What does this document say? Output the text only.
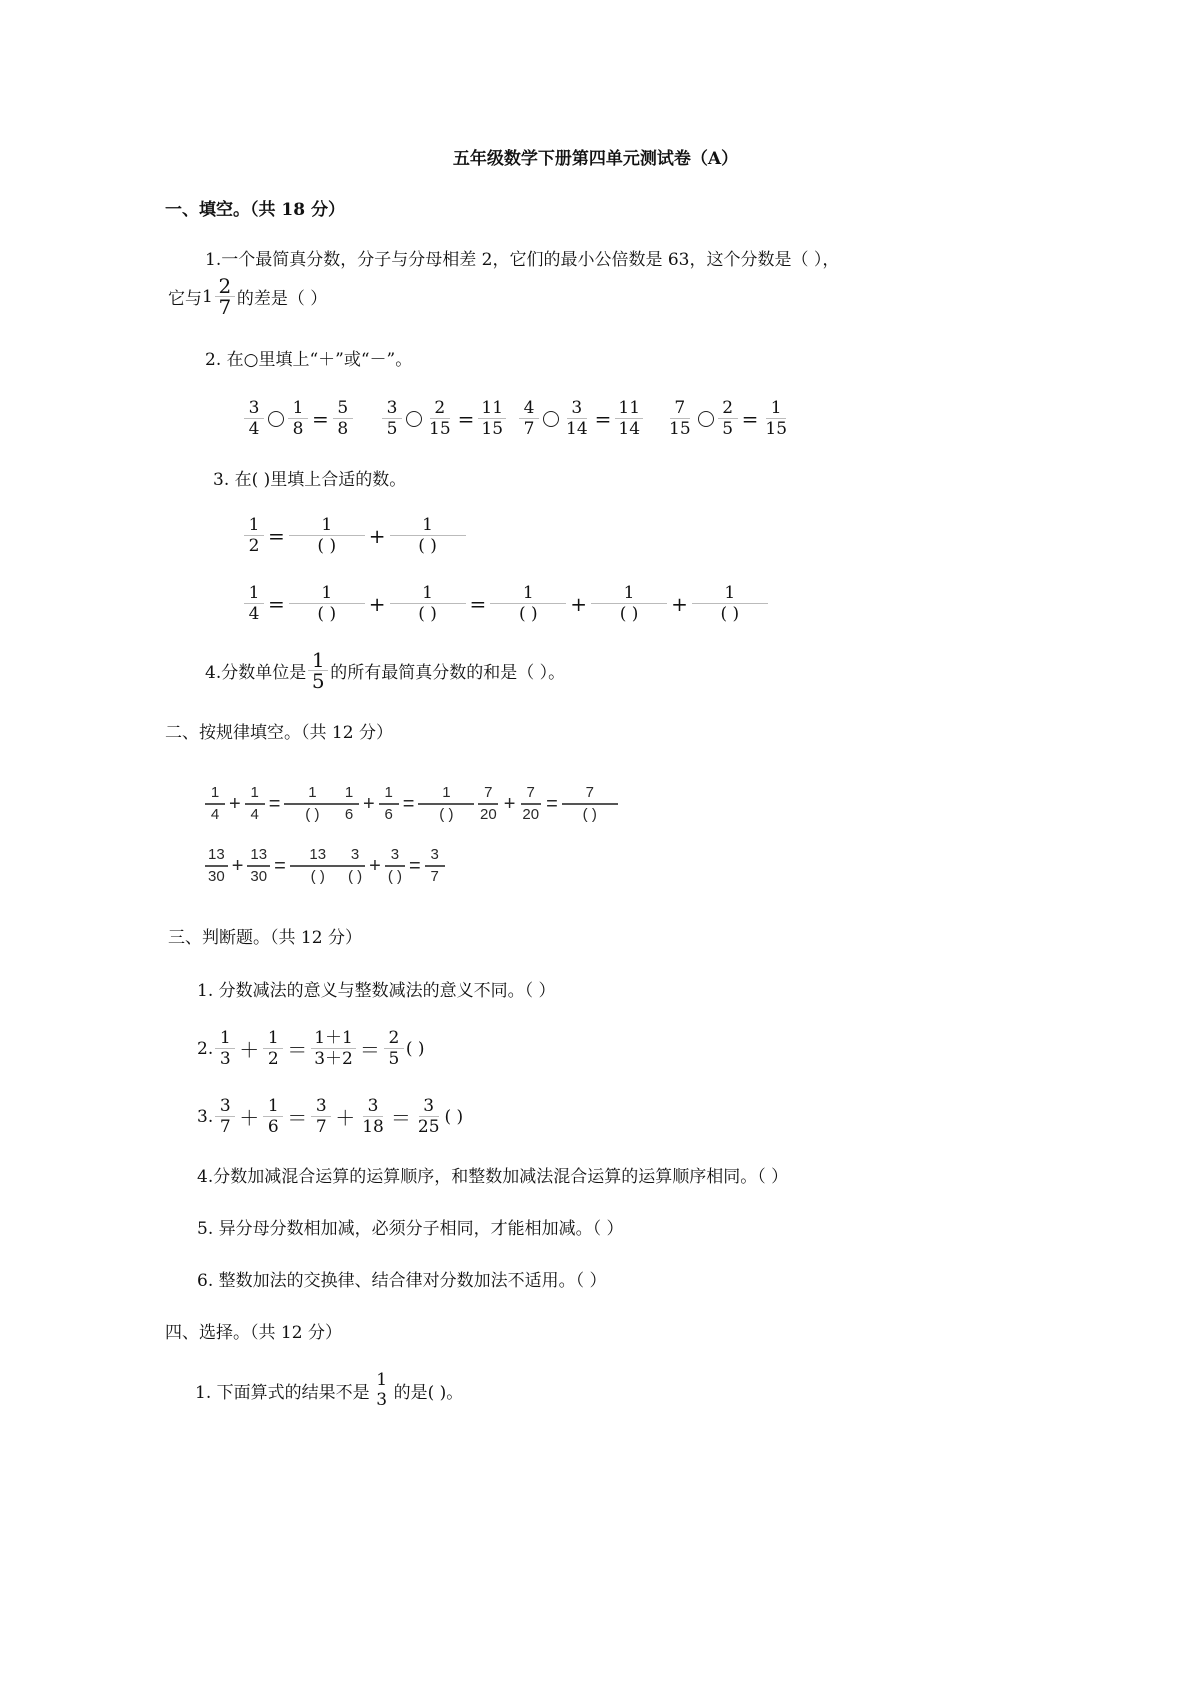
五年级数学下册第四单元测试卷（A）
一、填空。（共 18 分）
1.一个最简真分数，分子与分母相差 2，它们的最小公倍数是 63，这个分数是（ ），
它与 $1 \frac{2}{7}$ 的差是（ ）
2. 在○里填上“＋”或“－”。
$\frac{3}{4} \frac{1}{8} = \frac{5}{8} \frac{3}{5} \frac{2}{15} = \frac{11}{15} \frac{4}{7} \frac{3}{14} = \frac{11}{14} \frac{7}{15} \frac{2}{5} = \frac{1}{15}$
3. 在( )里填上合适的数。
$\frac{1}{2} = \frac{1}{( )} + \frac{1}{( )}$
$\frac{1}{4} = \frac{1}{( )} + \frac{1}{( )} = \frac{1}{( )} + \frac{1}{( )} + \frac{1}{( )}$
4.分数单位是 $\frac{1}{5}$ 的所有最简真分数的和是（ ）。
二、按规律填空。（共 12 分）
$\frac{1}{4} + \frac{1}{4} = \frac{1}{( )}$
$\frac{1}{6} + \frac{1}{6} = \frac{1}{( )} \frac{7}{20} + \frac{7}{20} = \frac{7}{( )}$
$\frac{13}{30} + \frac{13}{30} = \frac{13}{( )} \frac{3}{( )} + \frac{3}{( )} = \frac{3}{7}$
三、判断题。（共 12 分）
1. 分数减法的意义与整数减法的意义不同。（ ）
2. $\frac{1}{3} + \frac{1}{2} = \frac{1+1}{3+2} = \frac{2}{5}$ ( )
3. $\frac{3}{7} + \frac{1}{6} = \frac{3}{7} + \frac{3}{18} = \frac{3}{25}$ ( )
4.分数加减混合运算的运算顺序，和整数加减法混合运算的运算顺序相同。（ ）
5. 异分母分数相加减，必须分子相同，才能相加减。（ ）
6. 整数加法的交换律、结合律对分数加法不适用。（ ）
四、选择。（共 12 分）
1. 下面算式的结果不是
1
3 的是( )。
